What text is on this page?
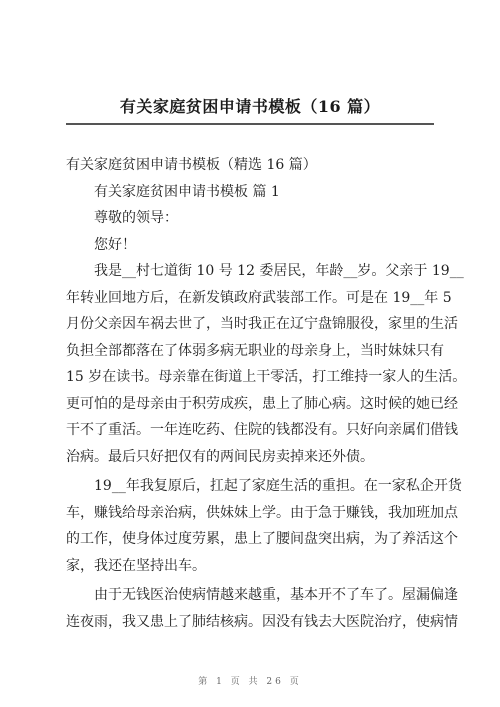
有关家庭贫困申请书模板（16 篇）
有关家庭贫困申请书模板（精选 16 篇）
有关家庭贫困申请书模板 篇 1
尊敬的领导：
您好！
我是__村七道街 10 号 12 委居民，年龄__岁。父亲于 19__
年转业回地方后，在新发镇政府武装部工作。可是在 19__年 5
月份父亲因车祸去世了，当时我正在辽宁盘锦服役，家里的生活
负担全部都落在了体弱多病无职业的母亲身上，当时妹妹只有
15 岁在读书。母亲靠在街道上干零活，打工维持一家人的生活。
更可怕的是母亲由于积劳成疾，患上了肺心病。这时候的她已经
干不了重活。一年连吃药、住院的钱都没有。只好向亲属们借钱
治病。最后只好把仅有的两间民房卖掉来还外债。
19__年我复原后，扛起了家庭生活的重担。在一家私企开货
车，赚钱给母亲治病，供妹妹上学。由于急于赚钱，我加班加点
的工作，使身体过度劳累，患上了腰间盘突出病，为了养活这个
家，我还在坚持出车。
由于无钱医治使病情越来越重，基本开不了车了。屋漏偏逢
连夜雨，我又患上了肺结核病。因没有钱去大医院治疗，使病情
第 1 页 共 26 页
